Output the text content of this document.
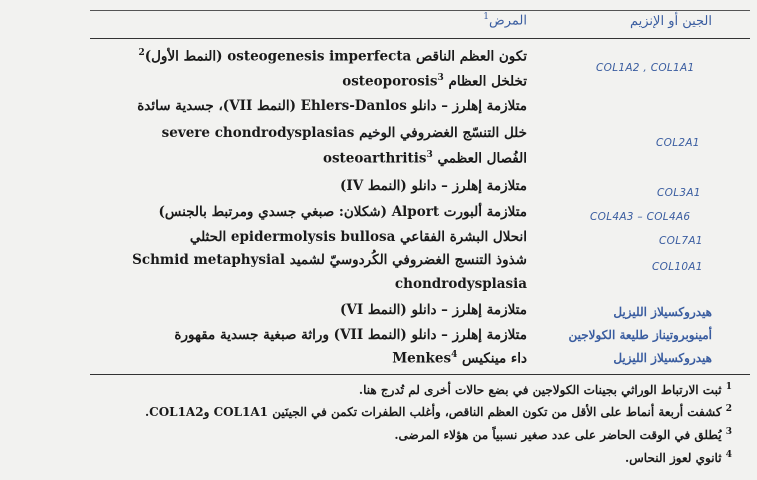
الجين أو الإنزيم
المرض$^1$
COL1A2 , COL1A1
COL2A1
COL3A1
COL4A3 – COL4A6
COL7A1
COL10A1
هيدروكسيلاز الليزيل
أمينوبروتيناز طليعة الكولاجين
هيدروكسيلاز الليزيل
تكون العظم الناقص osteogenesis imperfecta (النمط الأول)$^2$
تخلخل العظام osteoporosis$^3$
متلازمة إهلرز – دانلو Ehlers-Danlos (النمط VII)، جسدية سائدة
خلل التنسّج الغضروفي الوخيم severe chondrodysplasias
الفُصال العظمي osteoarthritis$^3$
متلازمة إهلرز – دانلو (النمط IV)
متلازمة ألبورت Alport (شكلان: صبغي جسدي ومرتبط بالجنس)
انحلال البشرة الفقاعي epidermolysis bullosa الحثلي
شذوذ التنسج الغضروفي الكُردوسيّ لشميد Schmid metaphysial
chondrodysplasia
متلازمة إهلرز – دانلو (النمط VI)
متلازمة إهلرز – دانلو (النمط VII) وراثة صبغية جسدية مقهورة
داء مينكيس Menkes$^4$
$^1$ ثبت الارتباط الوراثي بجينات الكولاجين في بضع حالات أخرى لم تُدرج هنا.
$^2$ كشفت أربعة أنماط على الأقل من تكون العظم الناقص، وأغلب الطفرات تكمن في الجينَين COL1A1 وCOL1A2.
$^3$ يُطلق في الوقت الحاضر على عدد صغير نسبياً من هؤلاء المرضى.
$^4$ ثانوي لعوز النحاس.
